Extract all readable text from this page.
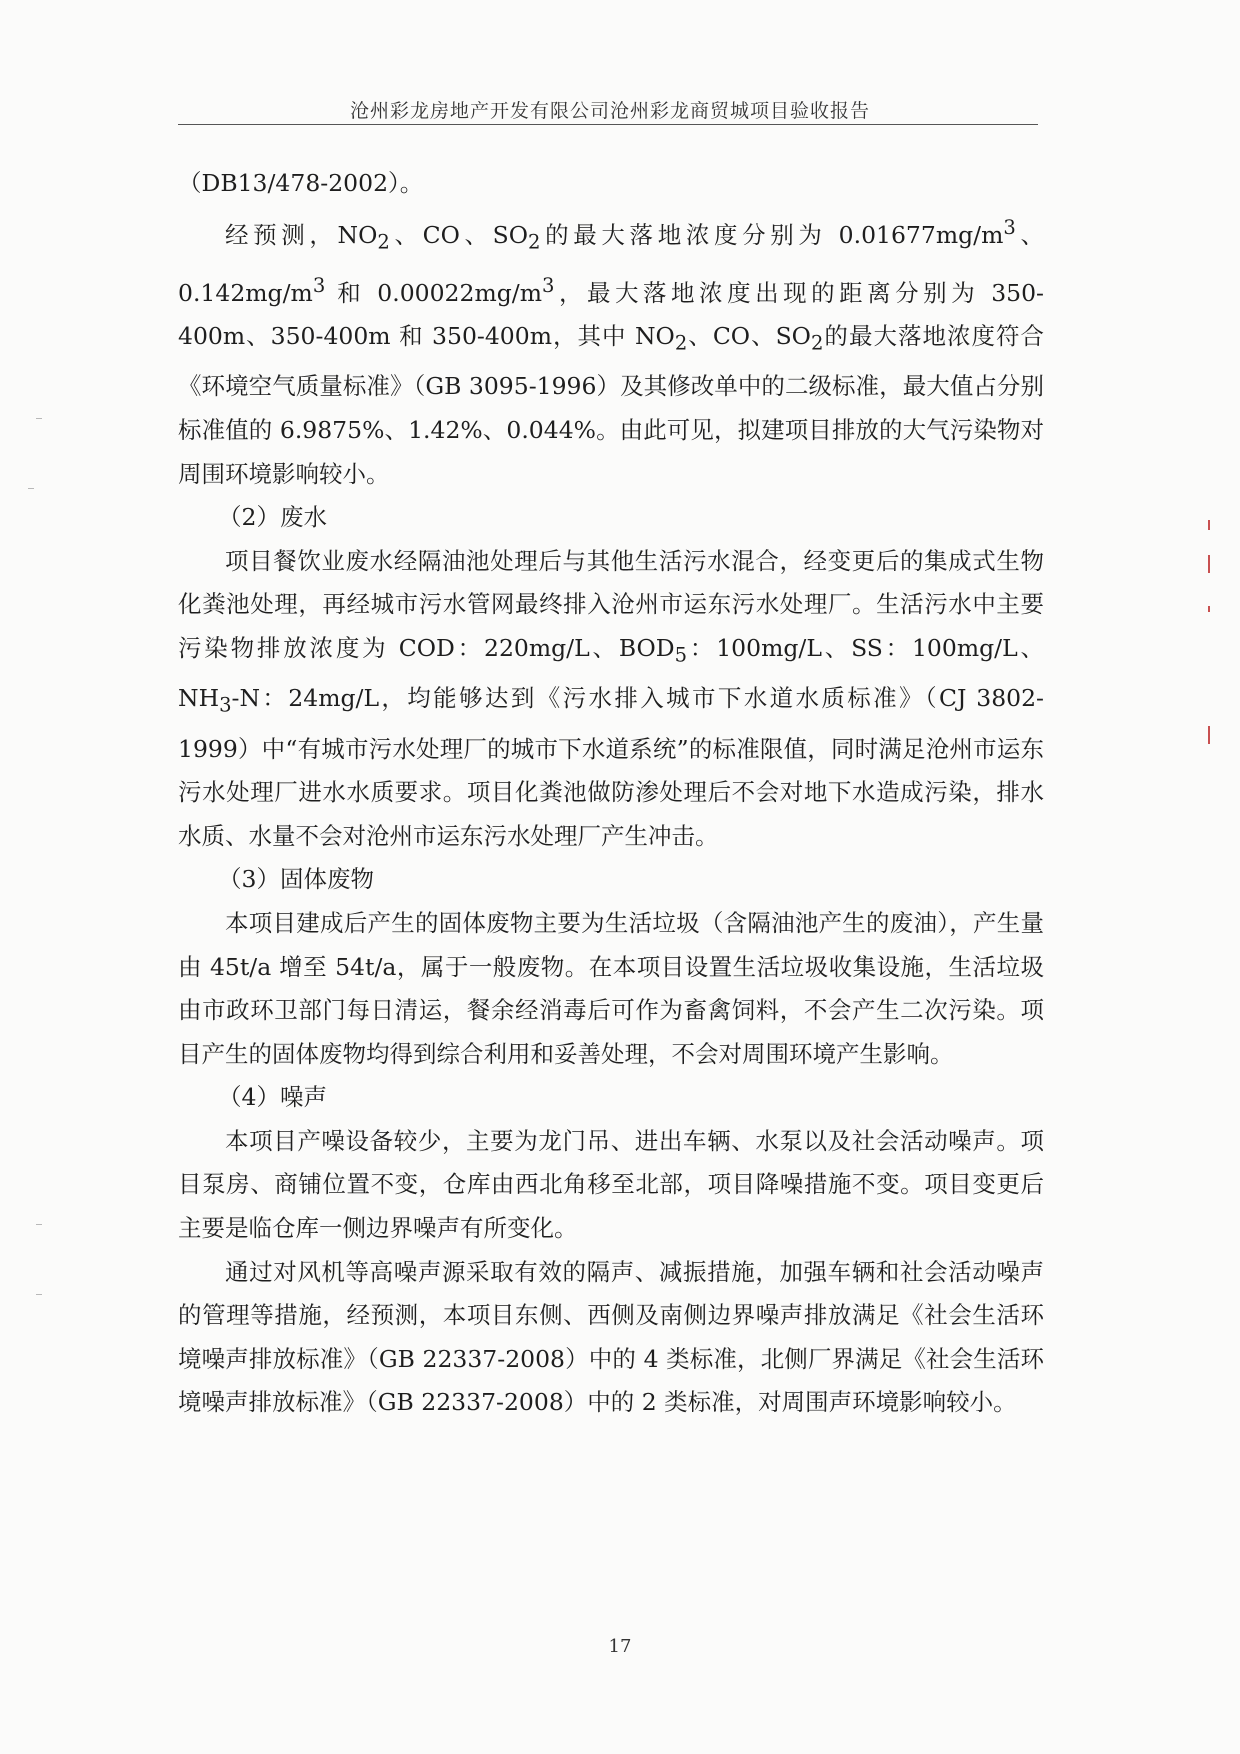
沧州彩龙房地产开发有限公司沧州彩龙商贸城项目验收报告

（DB13/478-2002）。

经预测，$NO_2$、CO、$SO_2$的最大落地浓度分别为 $0.01677mg/m^3$、$0.142mg/m^3$ 和 $0.00022mg/m^3$，最大落地浓度出现的距离分别为 350-400m、350-400m 和 350-400m，其中 $NO_2$、CO、$SO_2$的最大落地浓度符合《环境空气质量标准》（GB 3095-1996）及其修改单中的二级标准，最大值占分别标准值的 6.9875%、1.42%、0.044%。由此可见，拟建项目排放的大气污染物对周围环境影响较小。

（2）废水

项目餐饮业废水经隔油池处理后与其他生活污水混合，经变更后的集成式生物化粪池处理，再经城市污水管网最终排入沧州市运东污水处理厂。生活污水中主要污染物排放浓度为 COD：220mg/L、$BOD_5$：100mg/L、SS：100mg/L、$NH_3-N$：24mg/L，均能够达到《污水排入城市下水道水质标准》（CJ 3802-1999）中“有城市污水处理厂的城市下水道系统”的标准限值，同时满足沧州市运东污水处理厂进水水质要求。项目化粪池做防渗处理后不会对地下水造成污染，排水水质、水量不会对沧州市运东污水处理厂产生冲击。

（3）固体废物

本项目建成后产生的固体废物主要为生活垃圾（含隔油池产生的废油），产生量由 45t/a 增至 54t/a，属于一般废物。在本项目设置生活垃圾收集设施，生活垃圾由市政环卫部门每日清运，餐余经消毒后可作为畜禽饲料，不会产生二次污染。项目产生的固体废物均得到综合利用和妥善处理，不会对周围环境产生影响。

（4）噪声

本项目产噪设备较少，主要为龙门吊、进出车辆、水泵以及社会活动噪声。项目泵房、商铺位置不变，仓库由西北角移至北部，项目降噪措施不变。项目变更后主要是临仓库一侧边界噪声有所变化。

通过对风机等高噪声源采取有效的隔声、减振措施，加强车辆和社会活动噪声的管理等措施，经预测，本项目东侧、西侧及南侧边界噪声排放满足《社会生活环境噪声排放标准》（GB 22337-2008）中的 4 类标准，北侧厂界满足《社会生活环境噪声排放标准》（GB 22337-2008）中的 2 类标准，对周围声环境影响较小。

17
